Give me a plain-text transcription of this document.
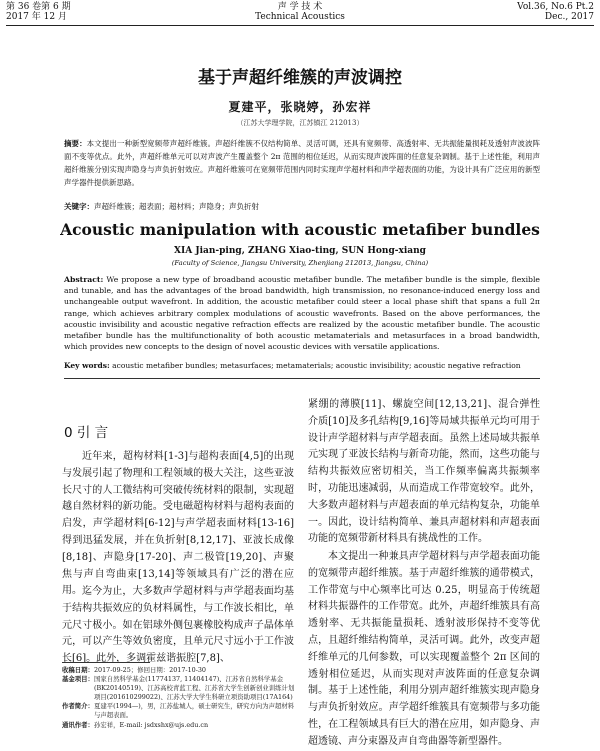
第 36 卷第 6 期
2017 年 12 月
声 学 技 术
Technical Acoustics
Vol.36, No.6 Pt.2
Dec., 2017
基于声超纤维簇的声波调控
夏建平，张晓婷，孙宏祥
（江苏大学理学院，江苏镇江 212013）
摘要：本文提出一种新型宽频带声超纤维簇。声超纤维簇不仅结构简单、灵活可调，还具有宽频带、高透射率、无共振能量损耗及透射声波波阵面不变等优点。此外，声超纤维单元可以对声波产生覆盖整个 2π 范围的相位延迟，从而实现声波阵面的任意复杂调制。基于上述性能，利用声超纤维簇分别实现声隐身与声负折射效应。声超纤维簇可在宽频带范围内同时实现声学超材料和声学超表面的功能，为设计具有广泛应用的新型声学器件提供新思路。
关键字：声超纤维簇；超表面；超材料；声隐身；声负折射
Acoustic manipulation with acoustic metafiber bundles
XIA Jian-ping, ZHANG Xiao-ting, SUN Hong-xiang
(Faculty of Science, Jiangsu University, Zhenjiang 212013, Jiangsu, China)
Abstract: We propose a new type of broadband acoustic metafiber bundle. The metafiber bundle is the simple, flexible and tunable, and has the advantages of the broad bandwidth, high transmission, no resonance-induced energy loss and unchangeable output wavefront. In addition, the acoustic metafiber could steer a local phase shift that spans a full 2π range, which achieves arbitrary complex modulations of acoustic wavefronts. Based on the above performances, the acoustic invisibility and acoustic negative refraction effects are realized by the acoustic metafiber bundle. The acoustic metafiber bundle has the multifunctionality of both acoustic metamaterials and metasurfaces in a broad bandwidth, which provides new concepts to the design of novel acoustic devices with versatile applications.
Key words: acoustic metafiber bundles; metasurfaces; metamaterials; acoustic invisibility; acoustic negative refraction
0 引 言

近年来，超构材料[1-3]与超构表面[4,5]的出现与发展引起了物理和工程领域的极大关注，这些亚波长尺寸的人工微结构可突破传统材料的限制，实现超越自然材料的新功能。受电磁超构材料与超构表面的启发，声学超材料[6-12]与声学超表面材料[13-16]得到迅猛发展，并在负折射[8,12,17]、亚波长成像[8,18]、声隐身[17-20]、声二极管[19,20]、声聚焦与声自弯曲束[13,14]等领域具有广泛的潜在应用。 迄今为止，大多数声学超材料与声学超表面均基于结构共振效应的负材料属性，与工作波长相比，单元尺寸极小。如在铝球外侧包裹橡胶构成声子晶体单元，可以产生等效负密度，且单元尺寸远小于工作波长[6]。此外，多调霍兹谐振腔[7,8]、

紧绷的薄膜[11]、螺旋空间[12,13,21]、混合弹性介质[10]及多孔结构[9,16]等局域共振单元均可用于设计声学超材料与声学超表面。虽然上述局域共振单元实现了亚波长结构与新奇功能，然而，这些功能与结构共振效应密切相关，当工作频率偏离共振频率时，功能迅速减弱，从而造成工作带宽较窄。此外，大多数声超材料与声超表面的单元结构复杂，功能单一。因此，设计结构简单、兼具声超材料和声超表面功能的宽频带新材料具有挑战性的工作。

本文提出一种兼具声学超材料与声学超表面功能的宽频带声超纤维簇。基于声超纤维簇的通带模式，工作带宽与中心频率比可达 0.25，明显高于传统超材料共振器件的工作带宽。此外，声超纤维簇具有高透射率、无共振能量损耗、透射波形保持不变等优点，且超纤维结构简单，灵活可调。此外，改变声超纤维单元的几何参数，可以实现覆盖整个 2π 区间的透射相位延迟，从而实现对声波阵面的任意复杂调制。基于上述性能，利用分别声超纤维簇实现声隐身与声负折射效应。声学超纤维簇具有宽频带与多功能性，在工程领域具有巨大的潜在应用，如声隐身、声超透镜、声分束器及声自弯曲器等新型器件。

收稿日期： 2017-09-25；修回日期：2017-10-30
基金项目： 国家自然科学基金(11774137, 11404147)、江苏省自然科学基金(BK20140519)、江苏高校青蓝工程、江苏省大学生创新创业训练计划项目(201610299022)、江苏大学大学生科研立项资助项目(17A164)
作者简介： 夏建平(1994—)，男，江苏盐城人，硕士研究生，研究方向为声超材料与声超表面。
通讯作者： 孙宏祥，E-mail: jsdxshx@ujs.edu.cn
